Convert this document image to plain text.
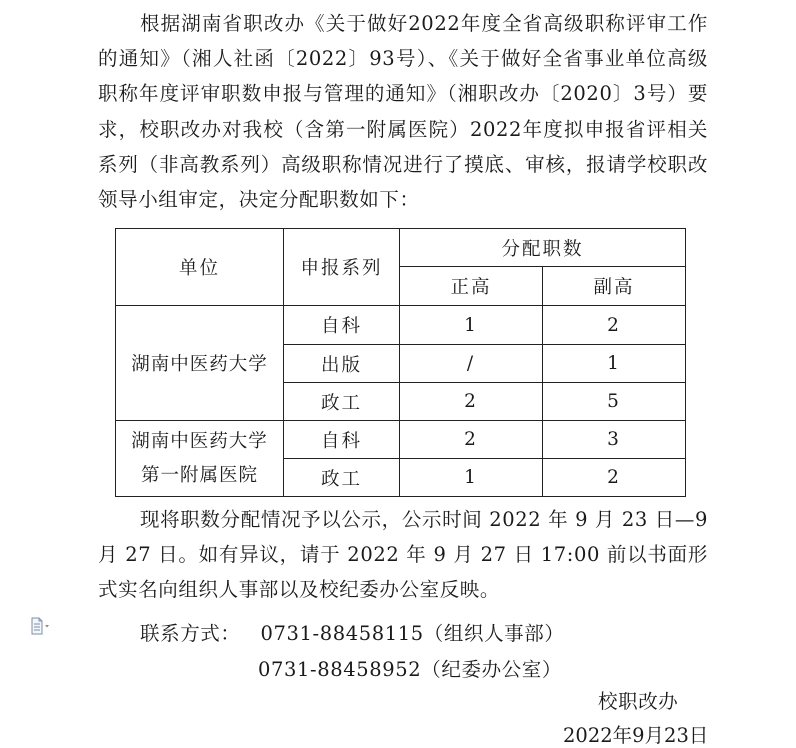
根据湖南省职改办《关于做好2022年度全省高级职称评审工作的通知》（湘人社函〔2022〕93号）、《关于做好全省事业单位高级职称年度评审职数申报与管理的通知》（湘职改办〔2020〕3号）要求，校职改办对我校（含第一附属医院）2022年度拟申报省评相关系列（非高教系列）高级职称情况进行了摸底、审核，报请学校职改领导小组审定，决定分配职数如下：

单位	申报系列	分配职数	
		正高	副高
湖南中医药大学	自科	1	2
	出版	/	1
	政工	2	5

湖南中医药大学
第一附属医院	自科	2	3
	政工	1	2

现将职数分配情况予以公示，公示时间 2022 年 9 月 23 日—9 月 27 日。如有异议，请于 2022 年 9 月 27 日 17:00 前以书面形式实名向组织人事部以及校纪委办公室反映。

联系方式： 0731-88458115（组织人事部）
0731-88458952（纪委办公室）
校职改办
2022年9月23日
